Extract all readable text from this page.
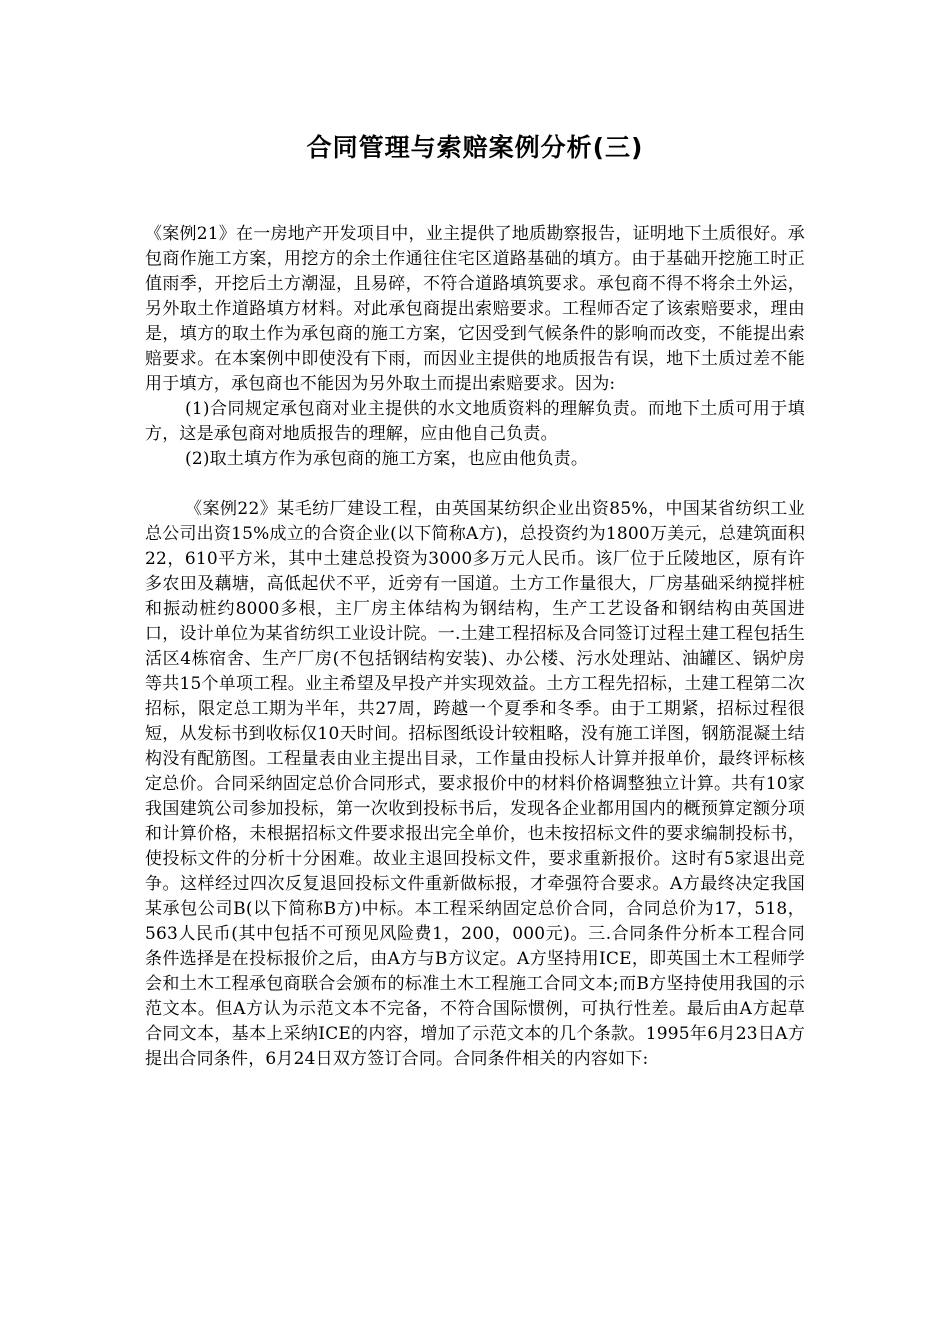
合同管理与索赔案例分析(三)

《案例21》在一房地产开发项目中，业主提供了地质勘察报告，证明地下土质很好。承包商作施工方案，用挖方的余土作通往住宅区道路基础的填方。由于基础开挖施工时正值雨季，开挖后土方潮湿，且易碎，不符合道路填筑要求。承包商不得不将余土外运，另外取土作道路填方材料。对此承包商提出索赔要求。工程师否定了该索赔要求，理由是，填方的取土作为承包商的施工方案，它因受到气候条件的影响而改变，不能提出索赔要求。在本案例中即使没有下雨，而因业主提供的地质报告有误，地下土质过差不能用于填方，承包商也不能因为另外取土而提出索赔要求。因为:

(1)合同规定承包商对业主提供的水文地质资料的理解负责。而地下土质可用于填方，这是承包商对地质报告的理解，应由他自己负责。

(2)取土填方作为承包商的施工方案，也应由他负责。

《案例22》某毛纺厂建设工程，由英国某纺织企业出资85%，中国某省纺织工业总公司出资15%成立的合资企业(以下简称A方)，总投资约为1800万美元，总建筑面积22，610平方米，其中土建总投资为3000多万元人民币。该厂位于丘陵地区，原有许多农田及藕塘，高低起伏不平，近旁有一国道。土方工作量很大，厂房基础采纳搅拌桩和振动桩约8000多根，主厂房主体结构为钢结构，生产工艺设备和钢结构由英国进口，设计单位为某省纺织工业设计院。一.土建工程招标及合同签订过程土建工程包括生活区4栋宿舍、生产厂房(不包括钢结构安装)、办公楼、污水处理站、油罐区、锅炉房等共15个单项工程。业主希望及早投产并实现效益。土方工程先招标，土建工程第二次招标，限定总工期为半年，共27周，跨越一个夏季和冬季。由于工期紧，招标过程很短，从发标书到收标仅10天时间。招标图纸设计较粗略，没有施工详图，钢筋混凝土结构没有配筋图。工程量表由业主提出目录，工作量由投标人计算并报单价，最终评标核定总价。合同采纳固定总价合同形式，要求报价中的材料价格调整独立计算。共有10家我国建筑公司参加投标，第一次收到投标书后，发现各企业都用国内的概预算定额分项和计算价格，未根据招标文件要求报出完全单价，也未按招标文件的要求编制投标书，使投标文件的分析十分困难。故业主退回投标文件，要求重新报价。这时有5家退出竞争。这样经过四次反复退回投标文件重新做标报，才牵强符合要求。A方最终决定我国某承包公司B(以下简称B方)中标。本工程采纳固定总价合同，合同总价为17，518，563人民币(其中包括不可预见风险费1，200，000元)。三.合同条件分析本工程合同条件选择是在投标报价之后，由A方与B方议定。A方坚持用ICE，即英国土木工程师学会和土木工程承包商联合会颁布的标准土木工程施工合同文本;而B方坚持使用我国的示范文本。但A方认为示范文本不完备，不符合国际惯例，可执行性差。最后由A方起草合同文本，基本上采纳ICE的内容，增加了示范文本的几个条款。1995年6月23日A方提出合同条件，6月24日双方签订合同。合同条件相关的内容如下:
